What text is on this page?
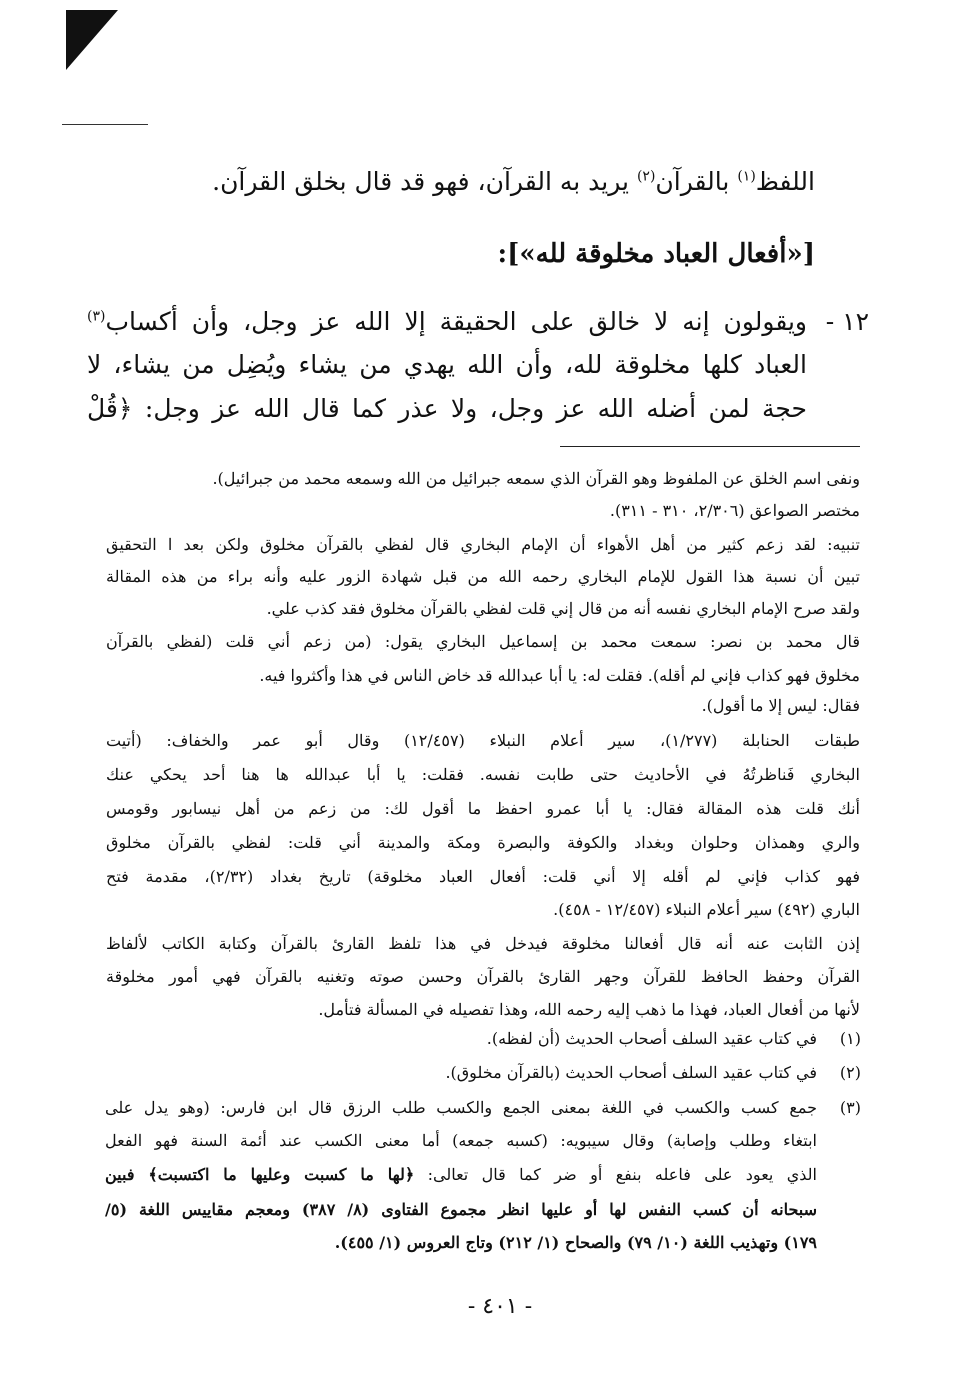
اللفظ$^{(١)}$ بالقرآن$^{(٢)}$ يريد به القرآن، فهو قد قال بخلق القرآن.
[«أفعال العباد مخلوقة لله»]:
١٢ -
ويقولون إنه لا خالق على الحقيقة إلا الله عز وجل، وأن أكساب$^{(٣)}$
العباد كلها مخلوقة لله، وأن الله يهدي من يشاء ويُضِل من يشاء، لا
حجة لمن أضله الله عز وجل، ولا عذر كما قال الله عز وجل: ﴿قُلْ
ونفى اسم الخلق عن الملفوظ وهو القرآن الذي سمعه جبرائيل من الله وسمعه محمد من جبرائيل).
مختصر الصواعق (٢/٣٠٦، ٣١٠ - ٣١١).
تنبيه: لقد زعم كثير من أهل الأهواء أن الإمام البخاري قال لفظي بالقرآن مخلوق ولكن بعد ا التحقيق
تبين أن نسبة هذا القول للإمام البخاري رحمه الله من قبل شهادة الزور عليه وأنه براء من هذه المقالة
ولقد صرح الإمام البخاري نفسه أنه من قال إني قلت لفظي بالقرآن مخلوق فقد كذب علي.
قال محمد بن نصر: سمعت محمد بن إسماعيل البخاري يقول: (من زعم أني قلت (لفظي بالقرآن
مخلوق فهو كذاب فإني لم أقله). فقلت له: يا أبا عبدالله قد خاض الناس في هذا وأكثروا فيه.
فقال: ليس إلا ما أقول).
طبقات الحنابلة (١/٢٧٧)، سير أعلام النبلاء (١٢/٤٥٧) وقال أبو عمر والخفاف: (أتيت
البخاري فَناظرتُهُ في الأحاديث حتى طابت نفسه. فقلت: يا أبا عبدالله ها هنا أحد يحكي عنك
أنك قلت هذه المقالة فقال: يا أبا عمرو احفظ ما أقول لك: من زعم من أهل نيسابور وقومس
والري وهمذان وحلوان وبغداد والكوفة والبصرة ومكة والمدينة أني قلت: لفظي بالقرآن مخلوق
فهو كذاب فإني لم أقله إلا أني قلت: أفعال العباد مخلوقة) تاريخ بغداد (٢/٣٢)، مقدمة فتح
الباري (٤٩٢) سير أعلام النبلاء (١٢/٤٥٧ - ٤٥٨).
إذن الثابت عنه أنه قال أفعالنا مخلوقة فيدخل في هذا تلفظ القارئ بالقرآن وكتابة الكاتب لألفاظ
القرآن وحفظ الحافظ للقرآن وجهر القارئ بالقرآن وحسن صوته وتغنيه بالقرآن فهي أمور مخلوقة
لأنها من أفعال العباد، فهذا ما ذهب إليه رحمه الله، وهذا تفصيله في المسألة فتأمل.
(١)
في كتاب عقيد السلف أصحاب الحديث (أن لفظه).
(٢)
في كتاب عقيد السلف أصحاب الحديث (بالقرآن مخلوق).
(٣)
جمع كسب والكسب في اللغة بمعنى الجمع والكسب طلب الرزق قال ابن فارس: (وهو يدل على
ابتغاء وطلب وإصابة) وقال سيبويه: (كسبه جمعه) أما معنى الكسب عند أئمة السنة فهو الفعل
الذي يعود على فاعله بنفع أو ضر كما قال تعالى: ﴿لها ما كسبت وعليها ما اكتسبت﴾ فبين
سبحانه أن كسب النفس لها أو عليها انظر مجموع الفتاوى (٨/ ٣٨٧) ومعجم مقاييس اللغة (٥/
١٧٩) وتهذيب اللغة (١٠/ ٧٩) والصحاح (١/ ٢١٢) وتاج العروس (١/ ٤٥٥).
- ٤٠١ -
